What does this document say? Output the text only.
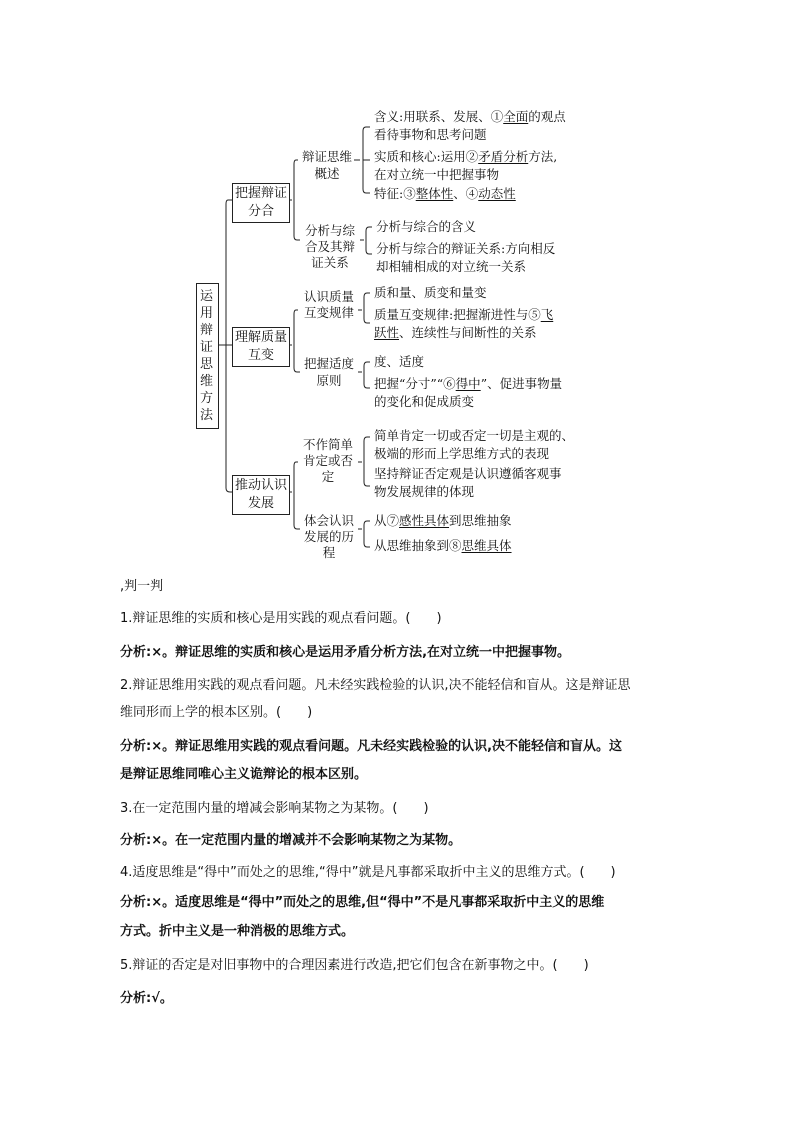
运用辩证思维方法
把握辩证分合
理解质量互变
推动认识发展
辩证思维概述
分析与综合及其辩证关系
认识质量互变规律
把握适度原则
不作简单肯定或否定
体会认识发展的历程
含义:用联系、发展、①全面的观点
看待事物和思考问题
实质和核心:运用②矛盾分析方法,
在对立统一中把握事物
特征:③整体性、④动态性
分析与综合的含义
分析与综合的辩证关系:方向相反
却相辅相成的对立统一关系
质和量、质变和量变
质量互变规律:把握渐进性与⑤飞
跃性、连续性与间断性的关系
度、适度
把握“分寸”“⑥得中”、促进事物量
的变化和促成质变
简单肯定一切或否定一切是主观的、
极端的形而上学思维方式的表现
坚持辩证否定观是认识遵循客观事
物发展规律的体现
从⑦感性具体到思维抽象
从思维抽象到⑧思维具体
,判一判
1.辩证思维的实质和核心是用实践的观点看问题。(　　)
分析:×。辩证思维的实质和核心是运用矛盾分析方法,在对立统一中把握事物。
2.辩证思维用实践的观点看问题。凡未经实践检验的认识,决不能轻信和盲从。这是辩证思
维同形而上学的根本区别。(　　)
分析:×。辩证思维用实践的观点看问题。凡未经实践检验的认识,决不能轻信和盲从。这
是辩证思维同唯心主义诡辩论的根本区别。
3.在一定范围内量的增减会影响某物之为某物。(　　)
分析:×。在一定范围内量的增减并不会影响某物之为某物。
4.适度思维是“得中”而处之的思维,“得中”就是凡事都采取折中主义的思维方式。(　　)
分析:×。适度思维是“得中”而处之的思维,但“得中”不是凡事都采取折中主义的思维
方式。折中主义是一种消极的思维方式。
5.辩证的否定是对旧事物中的合理因素进行改造,把它们包含在新事物之中。(　　)
分析:√。
